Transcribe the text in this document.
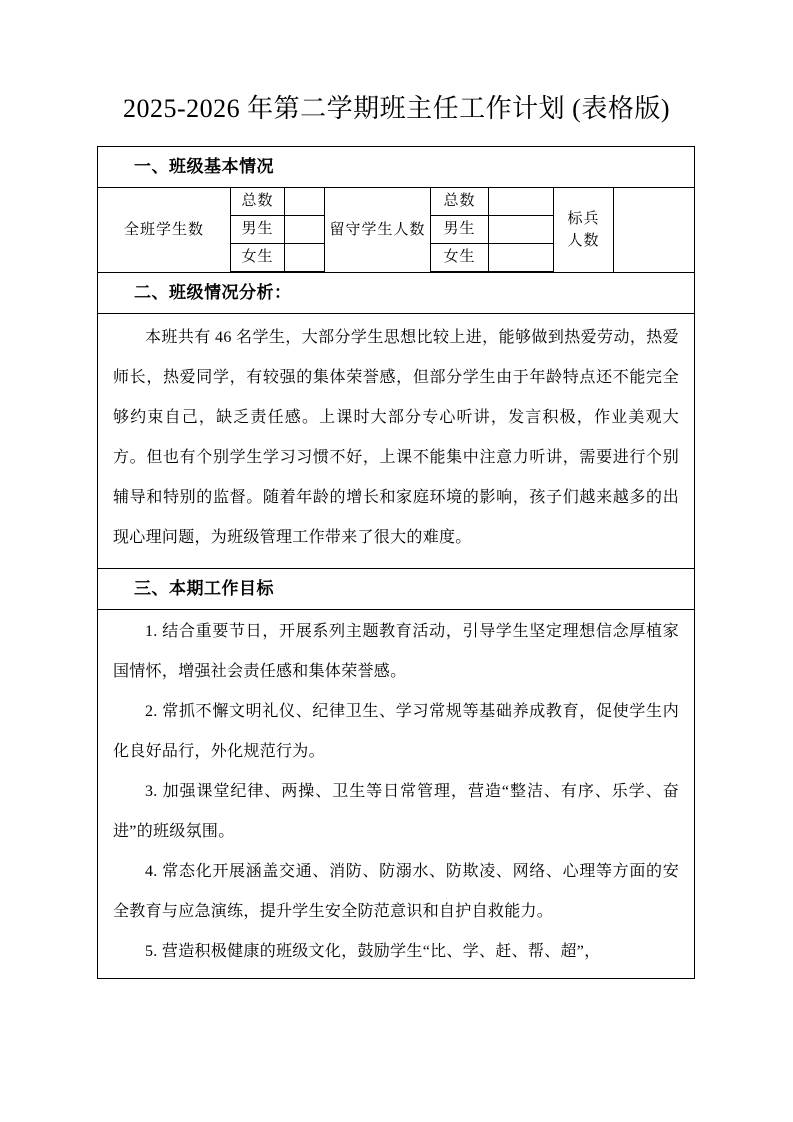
2025-2026 年第二学期班主任工作计划 (表格版)
一、班级基本情况

全班学生数	总数		留守学生人数	总数		标兵
人数	
男生		男生	
女生		女生	

二、班级情况分析：

本班共有 46 名学生，大部分学生思想比较上进，能够做到热爱劳动，热爱师长，热爱同学，有较强的集体荣誉感，但部分学生由于年龄特点还不能完全够约束自己，缺乏责任感。上课时大部分专心听讲，发言积极，作业美观大方。但也有个别学生学习习惯不好，上课不能集中注意力听讲，需要进行个别辅导和特别的监督。随着年龄的增长和家庭环境的影响，孩子们越来越多的出现心理问题，为班级管理工作带来了很大的难度。

三、本期工作目标

1. 结合重要节日，开展系列主题教育活动，引导学生坚定理想信念厚植家国情怀，增强社会责任感和集体荣誉感。

2. 常抓不懈文明礼仪、纪律卫生、学习常规等基础养成教育，促使学生内化良好品行，外化规范行为。

3. 加强课堂纪律、两操、卫生等日常管理，营造“整洁、有序、乐学、奋进”的班级氛围。

4. 常态化开展涵盖交通、消防、防溺水、防欺凌、网络、心理等方面的安全教育与应急演练，提升学生安全防范意识和自护自救能力。

5. 营造积极健康的班级文化，鼓励学生“比、学、赶、帮、超”，
